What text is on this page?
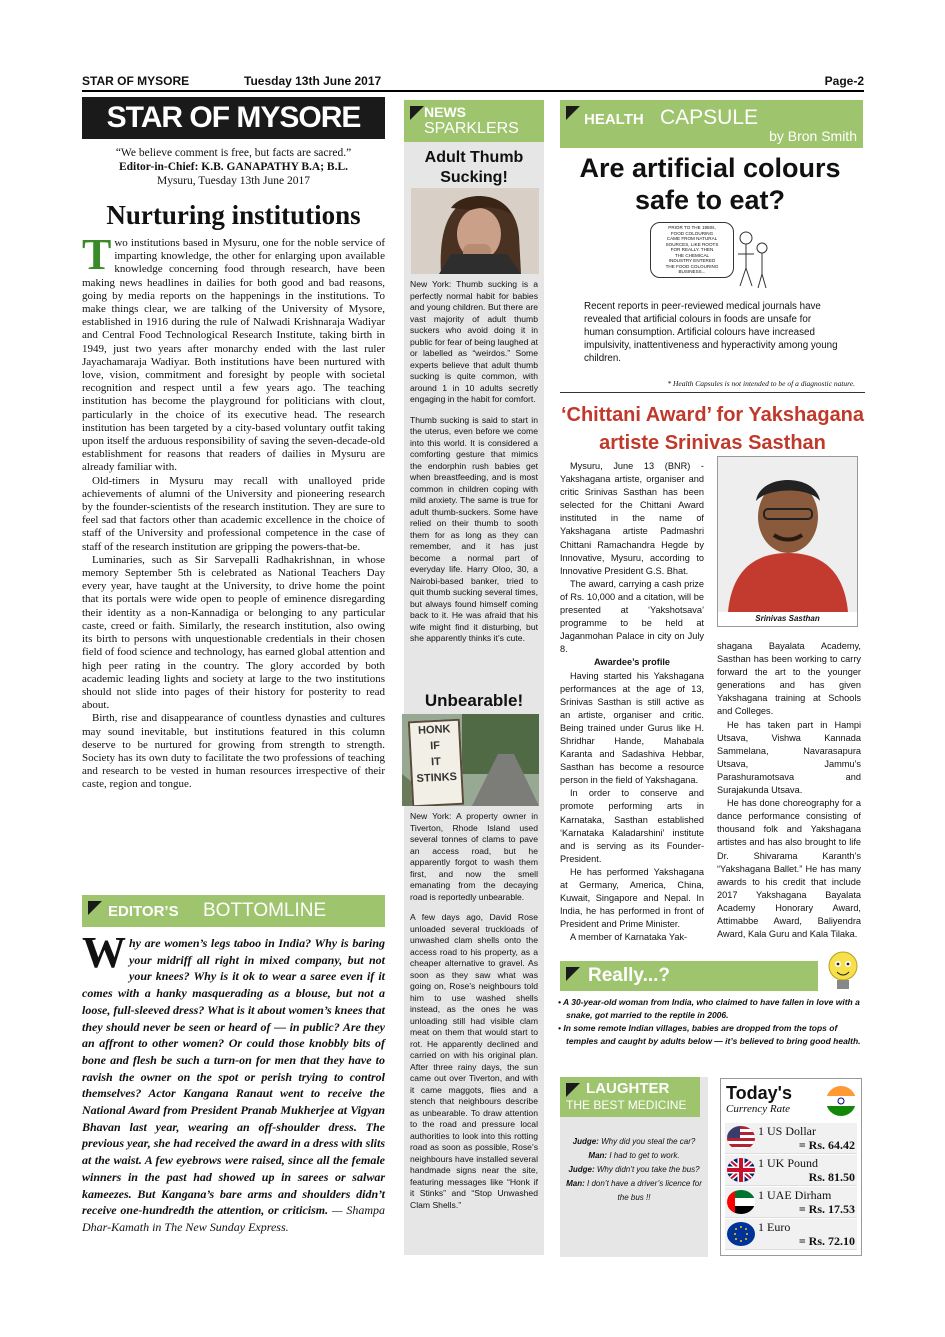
STAR OF MYSORE	Tuesday 13th June 2017	Page-2
STAR OF MYSORE
“We believe comment is free, but facts are sacred.”
Editor-in-Chief: K.B. GANAPATHY B.A; B.L.
Mysuru, Tuesday 13th June 2017
Nurturing institutions

Two institutions based in Mysuru, one for the noble service of imparting knowledge, the other for enlarging upon available knowledge concerning food through research, have been making news headlines in dailies for both good and bad reasons, going by media reports on the happenings in the institutions. To make things clear, we are talking of the University of Mysore, established in 1916 during the rule of Nalwadi Krishnaraja Wadiyar and Central Food Technological Research Institute, taking birth in 1949, just two years after monarchy ended with the last ruler Jayachamaraja Wadiyar. Both institutions have been nurtured with love, vision, commitment and foresight by people with societal recognition and respect until a few years ago. The teaching institution has become the playground for politicians with clout, particularly in the choice of its executive head. The research institution has been targeted by a city-based voluntary outfit taking upon itself the arduous responsibility of saving the seven-decade-old establishment for reasons that readers of dailies in Mysuru are already familiar with.

Old-timers in Mysuru may recall with unalloyed pride achievements of alumni of the University and pioneering research by the founder-scientists of the research institution. They are sure to feel sad that factors other than academic excellence in the choice of staff of the University and professional competence in the case of staff of the research institution are gripping the powers-that-be.

Luminaries, such as Sir Sarvepalli Radhakrishnan, in whose memory September 5th is celebrated as National Teachers Day every year, have taught at the University, to drive home the point that its portals were wide open to people of eminence disregarding their identity as a non-Kannadiga or belonging to any particular caste, creed or faith. Similarly, the research institution, also owing its birth to persons with unquestionable credentials in their chosen field of food science and technology, has earned global attention and high peer rating in the country. The glory accorded by both academic leading lights and society at large to the two institutions should not slide into pages of their history for posterity to read about.

Birth, rise and disappearance of countless dynasties and cultures may sound inevitable, but institutions featured in this column deserve to be nurtured for growing from strength to strength. Society has its own duty to facilitate the two professions of teaching and research to be vested in human resources irrespective of their caste, region and tongue.

EDITOR’S BOTTOMLINE
Why are women’s legs taboo in India? Why is baring your midriff all right in mixed company, but not your knees? Why is it ok to wear a saree even if it comes with a hanky masquerading as a blouse, but not a loose, full-sleeved dress? What is it about women’s knees that they should never be seen or heard of — in public? Are they an affront to other women? Or could those knobbly bits of bone and flesh be such a turn-on for men that they have to ravish the owner on the spot or perish trying to control themselves? Actor Kangana Ranaut went to receive the National Award from President Pranab Mukherjee at Vigyan Bhavan last year, wearing an off-shoulder dress. The previous year, she had received the award in a dress with slits at the waist. A few eyebrows were raised, since all the female winners in the past had showed up in sarees or salwar kameezes. But Kangana’s bare arms and shoulders didn’t receive one-hundredth the attention, or criticism. — Shampa Dhar-Kamath in The New Sunday Express.
NEWS
SPARKLERS
Adult Thumb Sucking!

New York: Thumb sucking is a perfectly normal habit for babies and young children. But there are vast majority of adult thumb suckers who avoid doing it in public for fear of being laughed at or labelled as “weirdos.” Some experts believe that adult thumb sucking is quite common, with around 1 in 10 adults secretly engaging in the habit for comfort.

Thumb sucking is said to start in the uterus, even before we come into this world. It is considered a comforting gesture that mimics the endorphin rush babies get when breastfeeding, and is most common in children coping with mild anxiety. The same is true for adult thumb-suckers. Some have relied on their thumb to sooth them for as long as they can remember, and it has just become a normal part of everyday life. Harry Oloo, 30, a Nairobi-based banker, tried to quit thumb sucking several times, but always found himself coming back to it. He was afraid that his wife might find it disturbing, but she apparently thinks it’s cute.

Unbearable!
HONK
IF
IT
STINKS

New York: A property owner in Tiverton, Rhode Island used several tonnes of clams to pave an access road, but he apparently forgot to wash them first, and now the smell emanating from the decaying road is reportedly unbearable.

A few days ago, David Rose unloaded several truckloads of unwashed clam shells onto the access road to his property, as a cheaper alternative to gravel. As soon as they saw what was going on, Rose’s neighbours told him to use washed shells instead, as the ones he was unloading still had visible clam meat on them that would start to rot. He apparently declined and carried on with his original plan. After three rainy days, the sun came out over Tiverton, and with it came maggots, flies and a stench that neighbours describe as unbearable. To draw attention to the road and pressure local authorities to look into this rotting road as soon as possible, Rose’s neighbours have installed several handmade signs near the site, featuring messages like “Honk if it Stinks” and “Stop Unwashed Clam Shells.”

HEALTH CAPSULE
by Bron Smith
Are artificial colours safe to eat?
PRIOR TO THE 1950s,
FOOD COLOURING
CAME FROM NATURAL
SOURCES, LIKE ROOTS
FOR REALLY. THEN
THE CHEMICAL
INDUSTRY ENTERED
THE FOOD COLOURING
BUSINESS...
Recent reports in peer-reviewed medical journals have revealed that artificial colours in foods are unsafe for human consumption. Artificial colours have increased impulsivity, inattentiveness and hyperactivity among young children.
* Health Capsules is not intended to be of a diagnostic nature.
‘Chittani Award’ for Yakshagana artiste Srinivas Sasthan

Mysuru, June 13 (BNR) - Yakshagana artiste, organiser and critic Srinivas Sasthan has been selected for the Chittani Award instituted in the name of Yakshagana artiste Padmashri Chittani Ramachandra Hegde by Innovative, Mysuru, according to Innovative President G.S. Bhat.

The award, carrying a cash prize of Rs. 10,000 and a citation, will be presented at ‘Yakshotsava’ programme to be held at Jaganmohan Palace in city on July 8.

Awardee’s profile

Having started his Yakshagana performances at the age of 13, Srinivas Sasthan is still active as an artiste, organiser and critic. Being trained under Gurus like H. Shridhar Hande, Mahabala Karanta and Sadashiva Hebbar, Sasthan has become a resource person in the field of Yakshagana.

In order to conserve and promote performing arts in Karnataka, Sasthan established ‘Karnataka Kaladarshini’ institute and is serving as its Founder-President.

He has performed Yakshagana at Germany, America, China, Kuwait, Singapore and Nepal. In India, he has performed in front of President and Prime Minister.

A member of Karnataka Yak-

Srinivas Sasthan

shagana Bayalata Academy, Sasthan has been working to carry forward the art to the younger generations and has given Yakshagana training at Schools and Colleges.

He has taken part in Hampi Utsava, Vishwa Kannada Sammelana, Navarasapura Utsava, Jammu’s Parashuramotsava and Surajakunda Utsava.

He has done choreography for a dance performance consisting of thousand folk and Yakshagana artistes and has also brought to life Dr. Shivarama Karanth’s “Yakshagana Ballet.” He has many awards to his credit that include 2017 Yakshagana Bayalata Academy Honorary Award, Attimabbe Award, Baliyendra Award, Kala Guru and Kala Tilaka.

Really...?
• A 30-year-old woman from India, who claimed to have fallen in love with a snake, got married to the reptile in 2006.
• In some remote Indian villages, babies are dropped from the tops of temples and caught by adults below — it’s believed to bring good health.
LAUGHTER
THE BEST MEDICINE
Judge: Why did you steal the car?
Man: I had to get to work.
Judge: Why didn’t you take the bus?
Man: I don’t have a driver’s licence for the bus !!
Today's
Currency Rate
1 US Dollar
= Rs. 64.42
1 UK Pound
Rs. 81.50
1 UAE Dirham
= Rs. 17.53
1 Euro
= Rs. 72.10
